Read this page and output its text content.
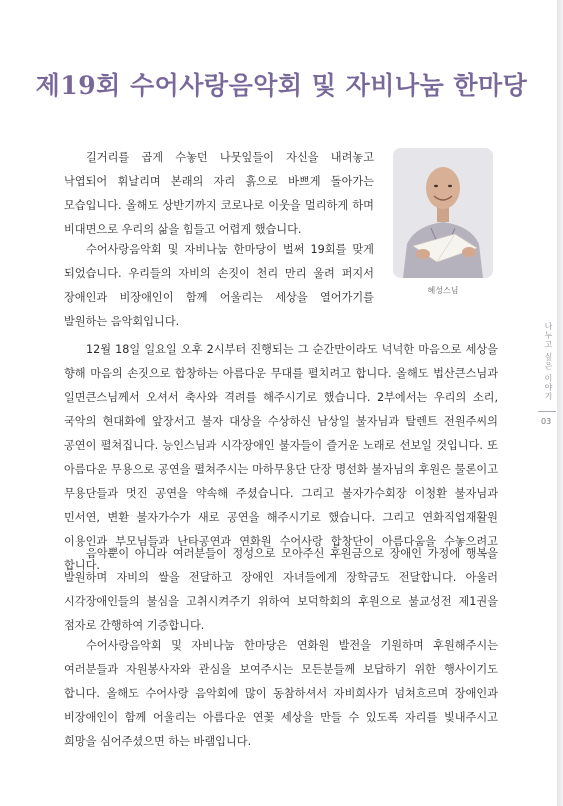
제19회 수어사랑음악회 및 자비나눔 한마당

길거리를 곱게 수놓던 나뭇잎들이 자신을 내려놓고 낙엽되어 휘날리며 본래의 자리 흙으로 바쁘게 돌아가는 모습입니다. 올해도 상반기까지 코로나로 이웃을 멀리하게 하며 비대면으로 우리의 삶을 힘들고 어렵게 했습니다.

수어사랑음악회 및 자비나눔 한마당이 벌써 19회를 맞게 되었습니다. 우리들의 자비의 손짓이 천리 만리 울려 퍼지서 장애인과 비장애인이 함께 어울리는 세상을 열어가기를 발원하는 음악회입니다.

혜성스님

12월 18일 일요일 오후 2시부터 진행되는 그 순간만이라도 넉넉한 마음으로 세상을 향해 마음의 손짓으로 합창하는 아름다운 무대를 펼치려고 합니다. 올해도 법산큰스님과 일면큰스님께서 오셔서 축사와 격려를 해주시기로 했습니다. 2부에서는 우리의 소리, 국악의 현대화에 앞장서고 불자 대상을 수상하신 남상일 불자님과 탈렌트 전원주씨의 공연이 펼쳐집니다. 능인스님과 시각장애인 불자들이 즐거운 노래로 선보일 것입니다. 또 아름다운 무용으로 공연을 펼쳐주시는 마하무용단 단장 명선화 불자님의 후원은 물론이고 무용단들과 멋진 공연을 약속해 주셨습니다. 그리고 불자가수회장 이청환 불자님과 민서연, 변환 불자가수가 새로 공연을 해주시기로 했습니다. 그리고 연화직업재활원 이용인과 부모님들과 난타공연과 연화원 수어사랑 합창단이 아름다움을 수놓으려고 합니다.

음악뿐이 아니라 여러분들이 정성으로 모아주신 후원금으로 장애인 가정에 행복을 발원하며 자비의 쌀을 전달하고 장애인 자녀들에게 장학금도 전달합니다. 아울러 시각장애인들의 불심을 고취시켜주기 위하여 보덕학회의 후원으로 불교성전 제1권을 점자로 간행하여 기증합니다.

수어사랑음악회 및 자비나눔 한마당은 연화원 발전을 기원하며 후원해주시는 여러분들과 자원봉사자와 관심을 보여주시는 모든분들께 보답하기 위한 행사이기도 합니다. 올해도 수어사랑 음악회에 많이 동참하셔서 자비희사가 넘쳐흐르며 장애인과 비장애인이 함께 어울리는 아름다운 연꽃 세상을 만들 수 있도록 자리를 빛내주시고 희망을 심어주셨으면 하는 바램입니다.

나누고 싶은 이야기
03
